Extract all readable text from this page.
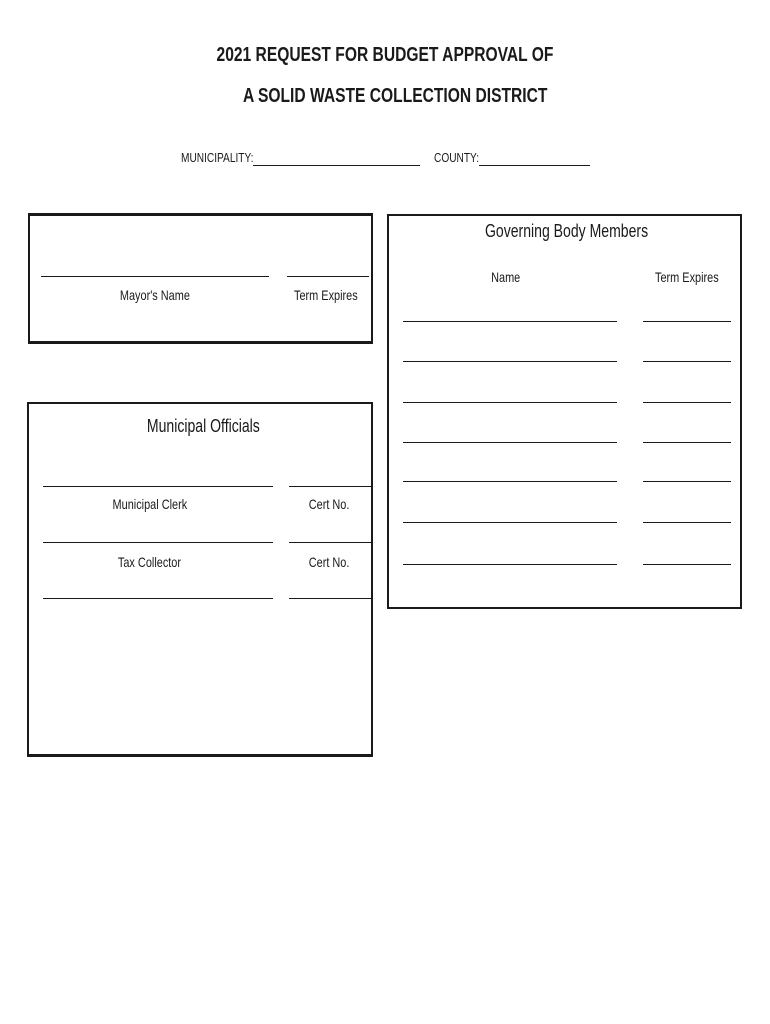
2021 REQUEST FOR BUDGET APPROVAL OF
A SOLID WASTE COLLECTION DISTRICT
MUNICIPALITY:	COUNTY:
Mayor's Name	Term Expires
Municipal Officials
Municipal Clerk	Cert No.
Tax Collector	Cert No.
Governing Body Members
Name	Term Expires
